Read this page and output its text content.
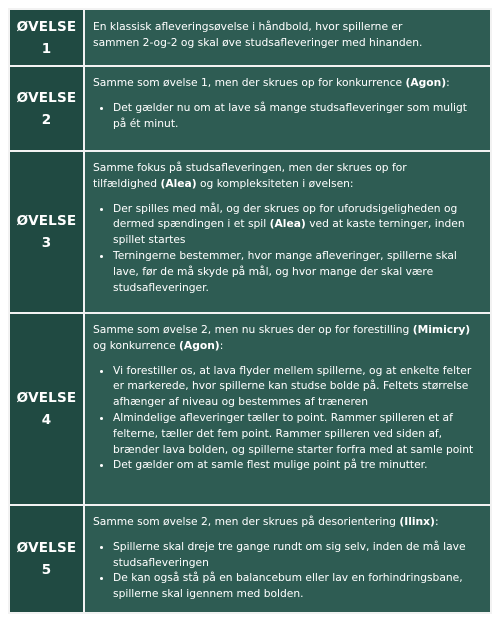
ØVELSE
1

En klassisk afleveringsøvelse i håndbold, hvor spillerne er
sammen 2-og-2 og skal øve studsafleveringer med hinanden.

ØVELSE
2

Samme som øvelse 1, men der skrues op for konkurrence (Agon):

• Det gælder nu om at lave så mange studsafleveringer som muligt på ét minut.
ØVELSE
3

Samme fokus på studsafleveringen, men der skrues op for
tilfældighed (Alea) og kompleksiteten i øvelsen:

• Der spilles med mål, og der skrues op for uforudsigeligheden og dermed spændingen i et spil (Alea) ved at kaste terninger, inden spillet startes
• Terningerne bestemmer, hvor mange afleveringer, spillerne skal lave, før de må skyde på mål, og hvor mange der skal være studsafleveringer.
ØVELSE
4

Samme som øvelse 2, men nu skrues der op for forestilling (Mimicry) og konkurrence (Agon):

• Vi forestiller os, at lava flyder mellem spillerne, og at enkelte felter er markerede, hvor spillerne kan studse bolde på. Feltets størrelse afhænger af niveau og bestemmes af træneren
• Almindelige afleveringer tæller to point. Rammer spilleren et af felterne, tæller det fem point. Rammer spilleren ved siden af, brænder lava bolden, og spillerne starter forfra med at samle point
• Det gælder om at samle flest mulige point på tre minutter.
ØVELSE
5

Samme som øvelse 2, men der skrues på desorientering (Ilinx):

• Spillerne skal dreje tre gange rundt om sig selv, inden de må lave studsafleveringen
• De kan også stå på en balancebum eller lav en forhindringsbane, spillerne skal igennem med bolden.
